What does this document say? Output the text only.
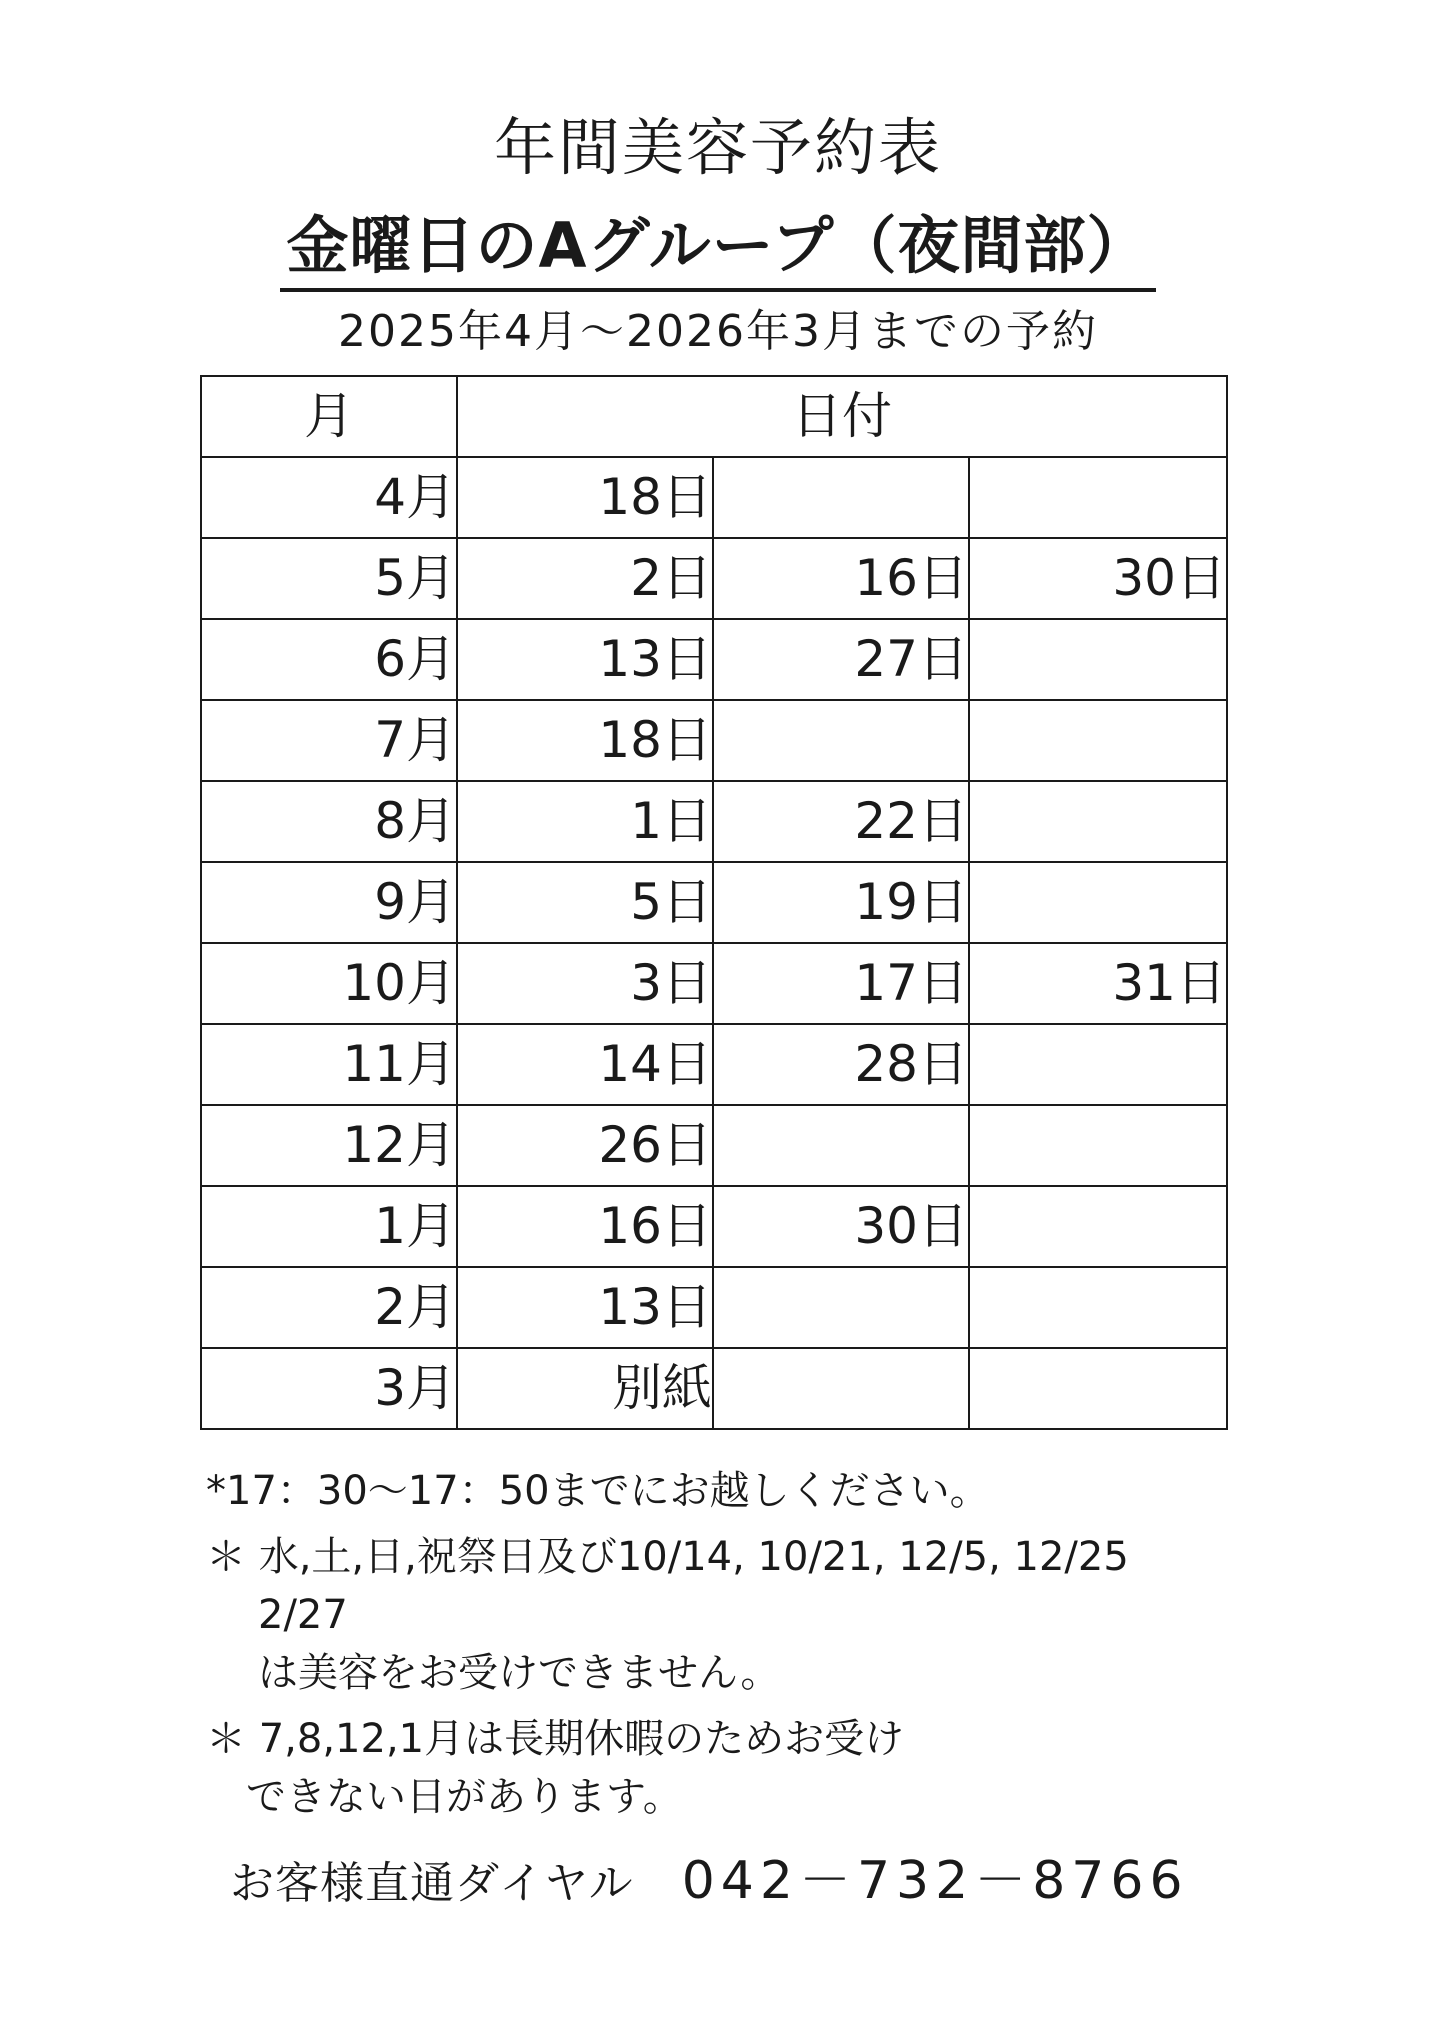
年間美容予約表
金曜日のAグループ（夜間部）
2025年4月～2026年3月までの予約
月	日付		
4月	18日		
5月	2日	16日	30日
6月	13日	27日	
7月	18日		
8月	1日	22日	
9月	5日	19日	
10月	3日	17日	31日
11月	14日	28日	
12月	26日		
1月	16日	30日	
2月	13日		
3月	別紙		
*17：30～17：50までにお越しください。
＊ 水,土,日,祝祭日及び10/14, 10/21, 12/5, 12/25
2/27
は美容をお受けできません。
＊ 7,8,12,1月は長期休暇のためお受け
できない日があります。
お客様直通ダイヤル 042－732－8766
